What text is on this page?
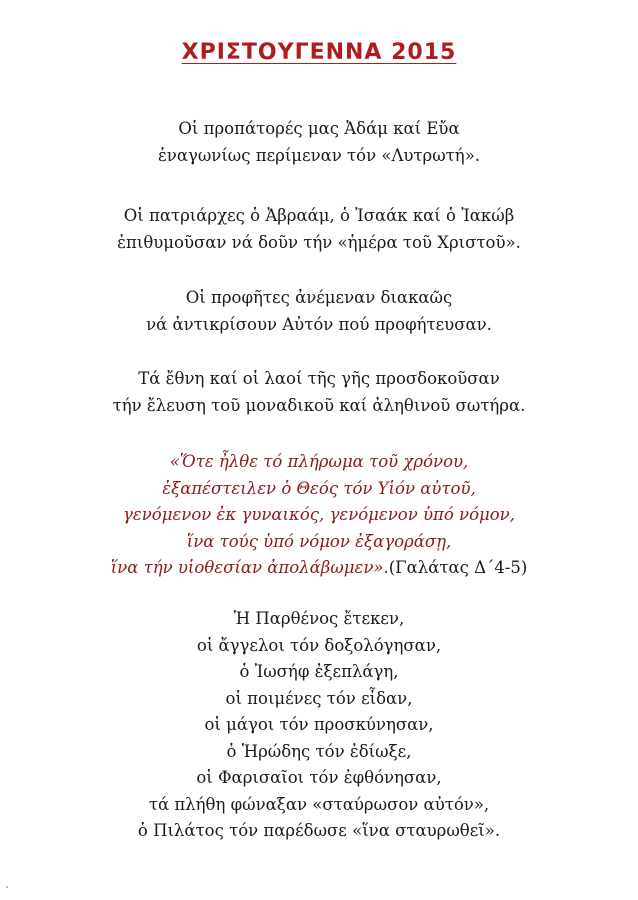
ΧΡΙΣΤΟΥΓΕΝΝΑ 2015

Οἱ προπάτορές μας Ἀδάμ καί Εὔα
ἐναγωνίως περίμεναν τόν «Λυτρωτή».

Οἱ πατριάρχες ὁ Ἀβραάμ, ὁ Ἰσαάκ καί ὁ Ἰακώβ
ἐπιθυμοῦσαν νά δοῦν τήν «ἡμέρα τοῦ Χριστοῦ».

Οἱ προφῆτες ἀνέμεναν διακαῶς
νά ἀντικρίσουν Αὐτόν πού προφήτευσαν.

Τά ἔθνη καί οἱ λαοί τῆς γῆς προσδοκοῦσαν
τήν ἔλευση τοῦ μοναδικοῦ καί ἀληθινοῦ σωτήρα.

«Ὅτε ἦλθε τό πλήρωμα τοῦ χρόνου,
ἐξαπέστειλεν ὁ Θεός τόν Υἱόν αὐτοῦ,
γενόμενον ἐκ γυναικός, γενόμενον ὑπό νόμον,
ἵνα τούς ὑπό νόμον ἐξαγοράσῃ,
ἵνα τήν υἱοθεσίαν ἀπολάβωμεν».(Γαλάτας Δ΄4-5)

Ἡ Παρθένος ἔτεκεν,
οἱ ἄγγελοι τόν δοξολόγησαν,
ὁ Ἰωσήφ ἐξεπλάγη,
οἱ ποιμένες τόν εἶδαν,
οἱ μάγοι τόν προσκύνησαν,
ὁ Ἡρώδης τόν ἐδίωξε,
οἱ Φαρισαῖοι τόν ἐφθόνησαν,
τά πλήθη φώναξαν «σταύρωσον αὐτόν»,
ὁ Πιλάτος τόν παρέδωσε «ἵνα σταυρωθεῖ».
